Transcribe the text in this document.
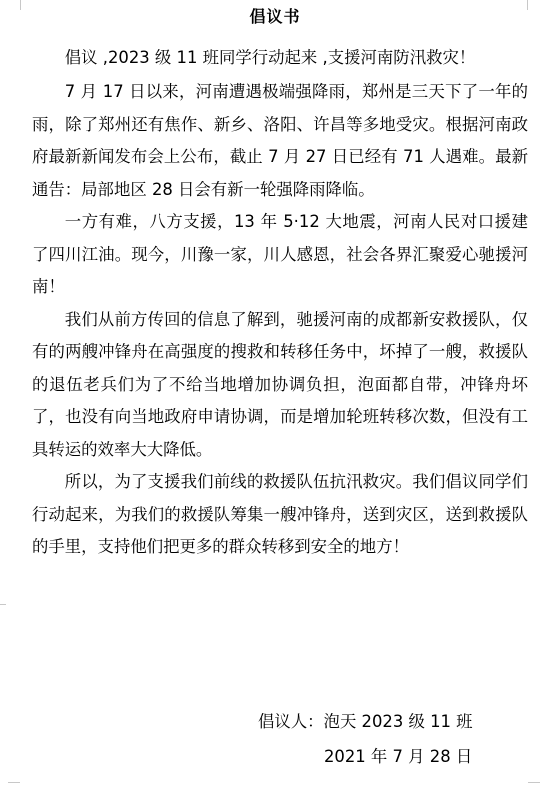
倡议书

倡议 ,2023 级 11 班同学行动起来 ,支援河南防汛救灾！

7 月 17 日以来，河南遭遇极端强降雨，郑州是三天下了一年的雨，除了郑州还有焦作、新乡、洛阳、许昌等多地受灾。根据河南政府最新新闻发布会上公布，截止 7 月 27 日已经有 71 人遇难。最新通告：局部地区 28 日会有新一轮强降雨降临。

一方有难，八方支援，13 年 5·12 大地震，河南人民对口援建了四川江油。现今，川豫一家，川人感恩，社会各界汇聚爱心驰援河南！

我们从前方传回的信息了解到，驰援河南的成都新安救援队，仅有的两艘冲锋舟在高强度的搜救和转移任务中，坏掉了一艘，救援队的退伍老兵们为了不给当地增加协调负担，泡面都自带，冲锋舟坏了，也没有向当地政府申请协调，而是增加轮班转移次数，但没有工具转运的效率大大降低。

所以，为了支援我们前线的救援队伍抗汛救灾。我们倡议同学们行动起来，为我们的救援队筹集一艘冲锋舟，送到灾区，送到救援队的手里，支持他们把更多的群众转移到安全的地方！

倡议人：泡天 2023 级 11 班
2021 年 7 月 28 日
